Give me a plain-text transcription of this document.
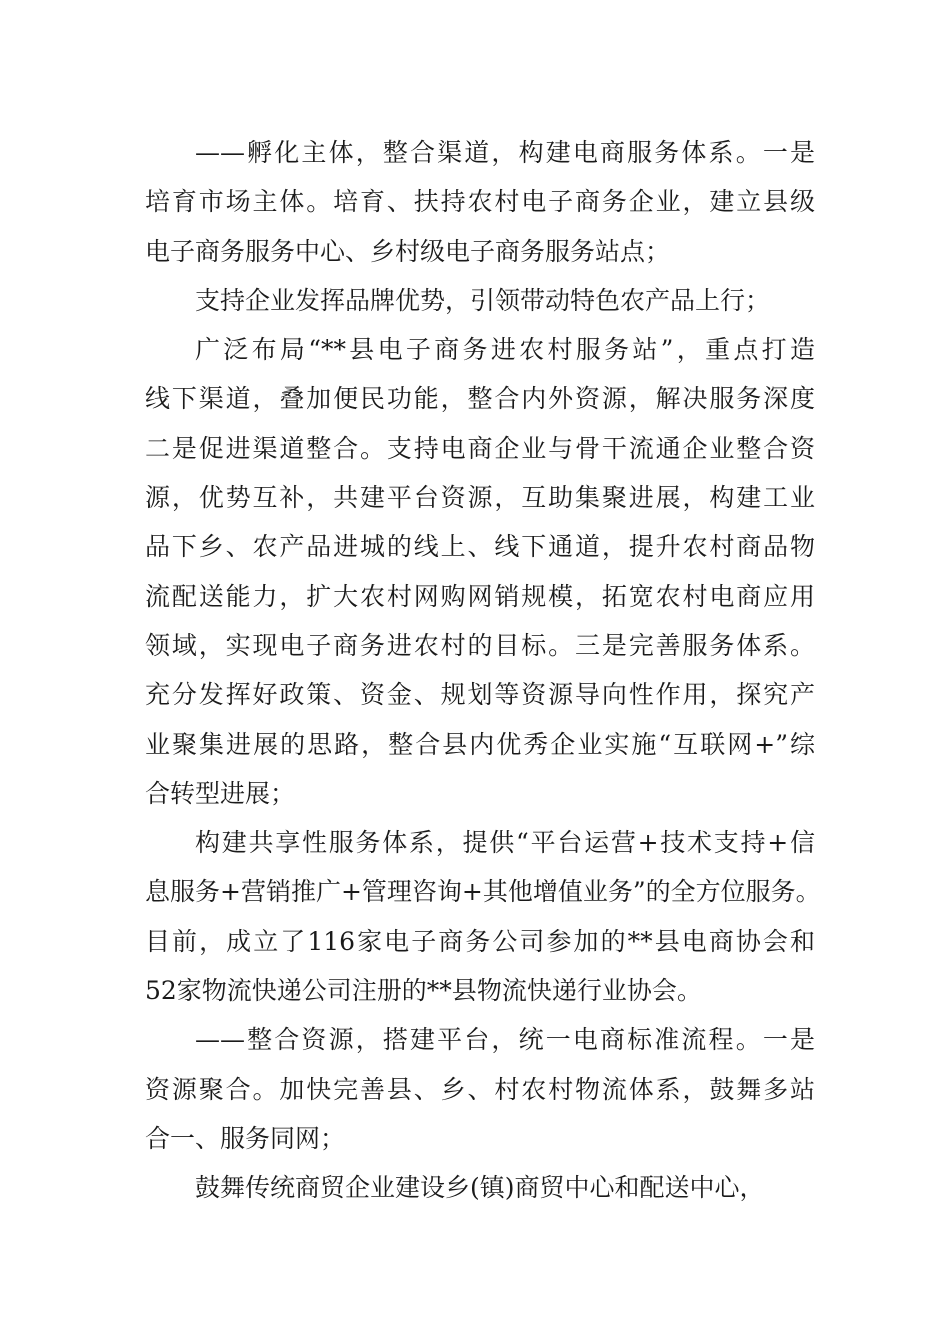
——孵化主体，整合渠道，构建电商服务体系。一是
培育市场主体。培育、扶持农村电子商务企业，建立县级
电子商务服务中心、乡村级电子商务服务站点；
支持企业发挥品牌优势，引领带动特色农产品上行；
广泛布局“**县电子商务进农村服务站”，重点打造
线下渠道，叠加便民功能，整合内外资源，解决服务深度
二是促进渠道整合。支持电商企业与骨干流通企业整合资
源，优势互补，共建平台资源，互助集聚进展，构建工业
品下乡、农产品进城的线上、线下通道，提升农村商品物
流配送能力，扩大农村网购网销规模，拓宽农村电商应用
领域，实现电子商务进农村的目标。三是完善服务体系。
充分发挥好政策、资金、规划等资源导向性作用，探究产
业聚集进展的思路，整合县内优秀企业实施“互联网+”综
合转型进展；
构建共享性服务体系，提供“平台运营+技术支持+信
息服务+营销推广+管理咨询+其他增值业务”的全方位服务。
目前，成立了116家电子商务公司参加的**县电商协会和
52家物流快递公司注册的**县物流快递行业协会。
——整合资源，搭建平台，统一电商标准流程。一是
资源聚合。加快完善县、乡、村农村物流体系，鼓舞多站
合一、服务同网；
鼓舞传统商贸企业建设乡(镇)商贸中心和配送中心，
